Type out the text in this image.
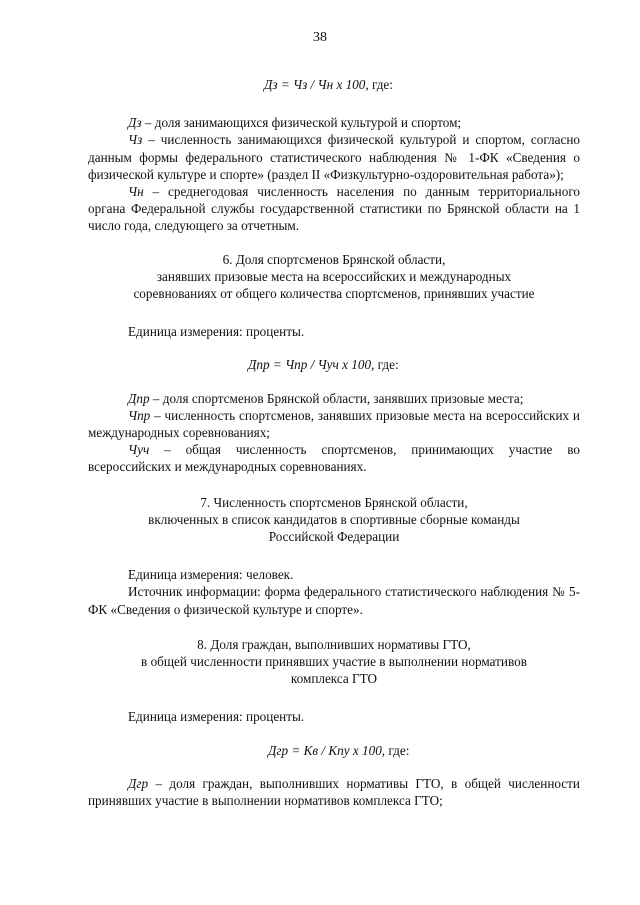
38

Дз = Чз / Чн х 100, где:

Дз – доля занимающихся физической культурой и спортом;

Чз – численность занимающихся физической культурой и спортом, согласно данным формы федерального статистического наблюдения № 1-ФК «Сведения о физической культуре и спорте» (раздел II «Физкультурно-оздоровительная работа»);

Чн – среднегодовая численность населения по данным территориального органа Федеральной службы государственной статистики по Брянской области на 1 число года, следующего за отчетным.

6. Доля спортсменов Брянской области,

занявших призовые места на всероссийских и международных

соревнованиях от общего количества спортсменов, принявших участие

Единица измерения: проценты.

Дпр = Чпр / Чуч х 100, где:

Дпр – доля спортсменов Брянской области, занявших призовые места;

Чпр – численность спортсменов, занявших призовые места на всероссийских и международных соревнованиях;

Чуч – общая численность спортсменов, принимающих участие во всероссийских и международных соревнованиях.

7. Численность спортсменов Брянской области,

включенных в список кандидатов в спортивные сборные команды

Российской Федерации

Единица измерения: человек.

Источник информации: форма федерального статистического наблюдения № 5-ФК «Сведения о физической культуре и спорте».

8. Доля граждан, выполнивших нормативы ГТО,

в общей численности принявших участие в выполнении нормативов

комплекса ГТО

Единица измерения: проценты.

Дгр = Кв / Кпу х 100, где:

Дгр – доля граждан, выполнивших нормативы ГТО, в общей численности принявших участие в выполнении нормативов комплекса ГТО;
